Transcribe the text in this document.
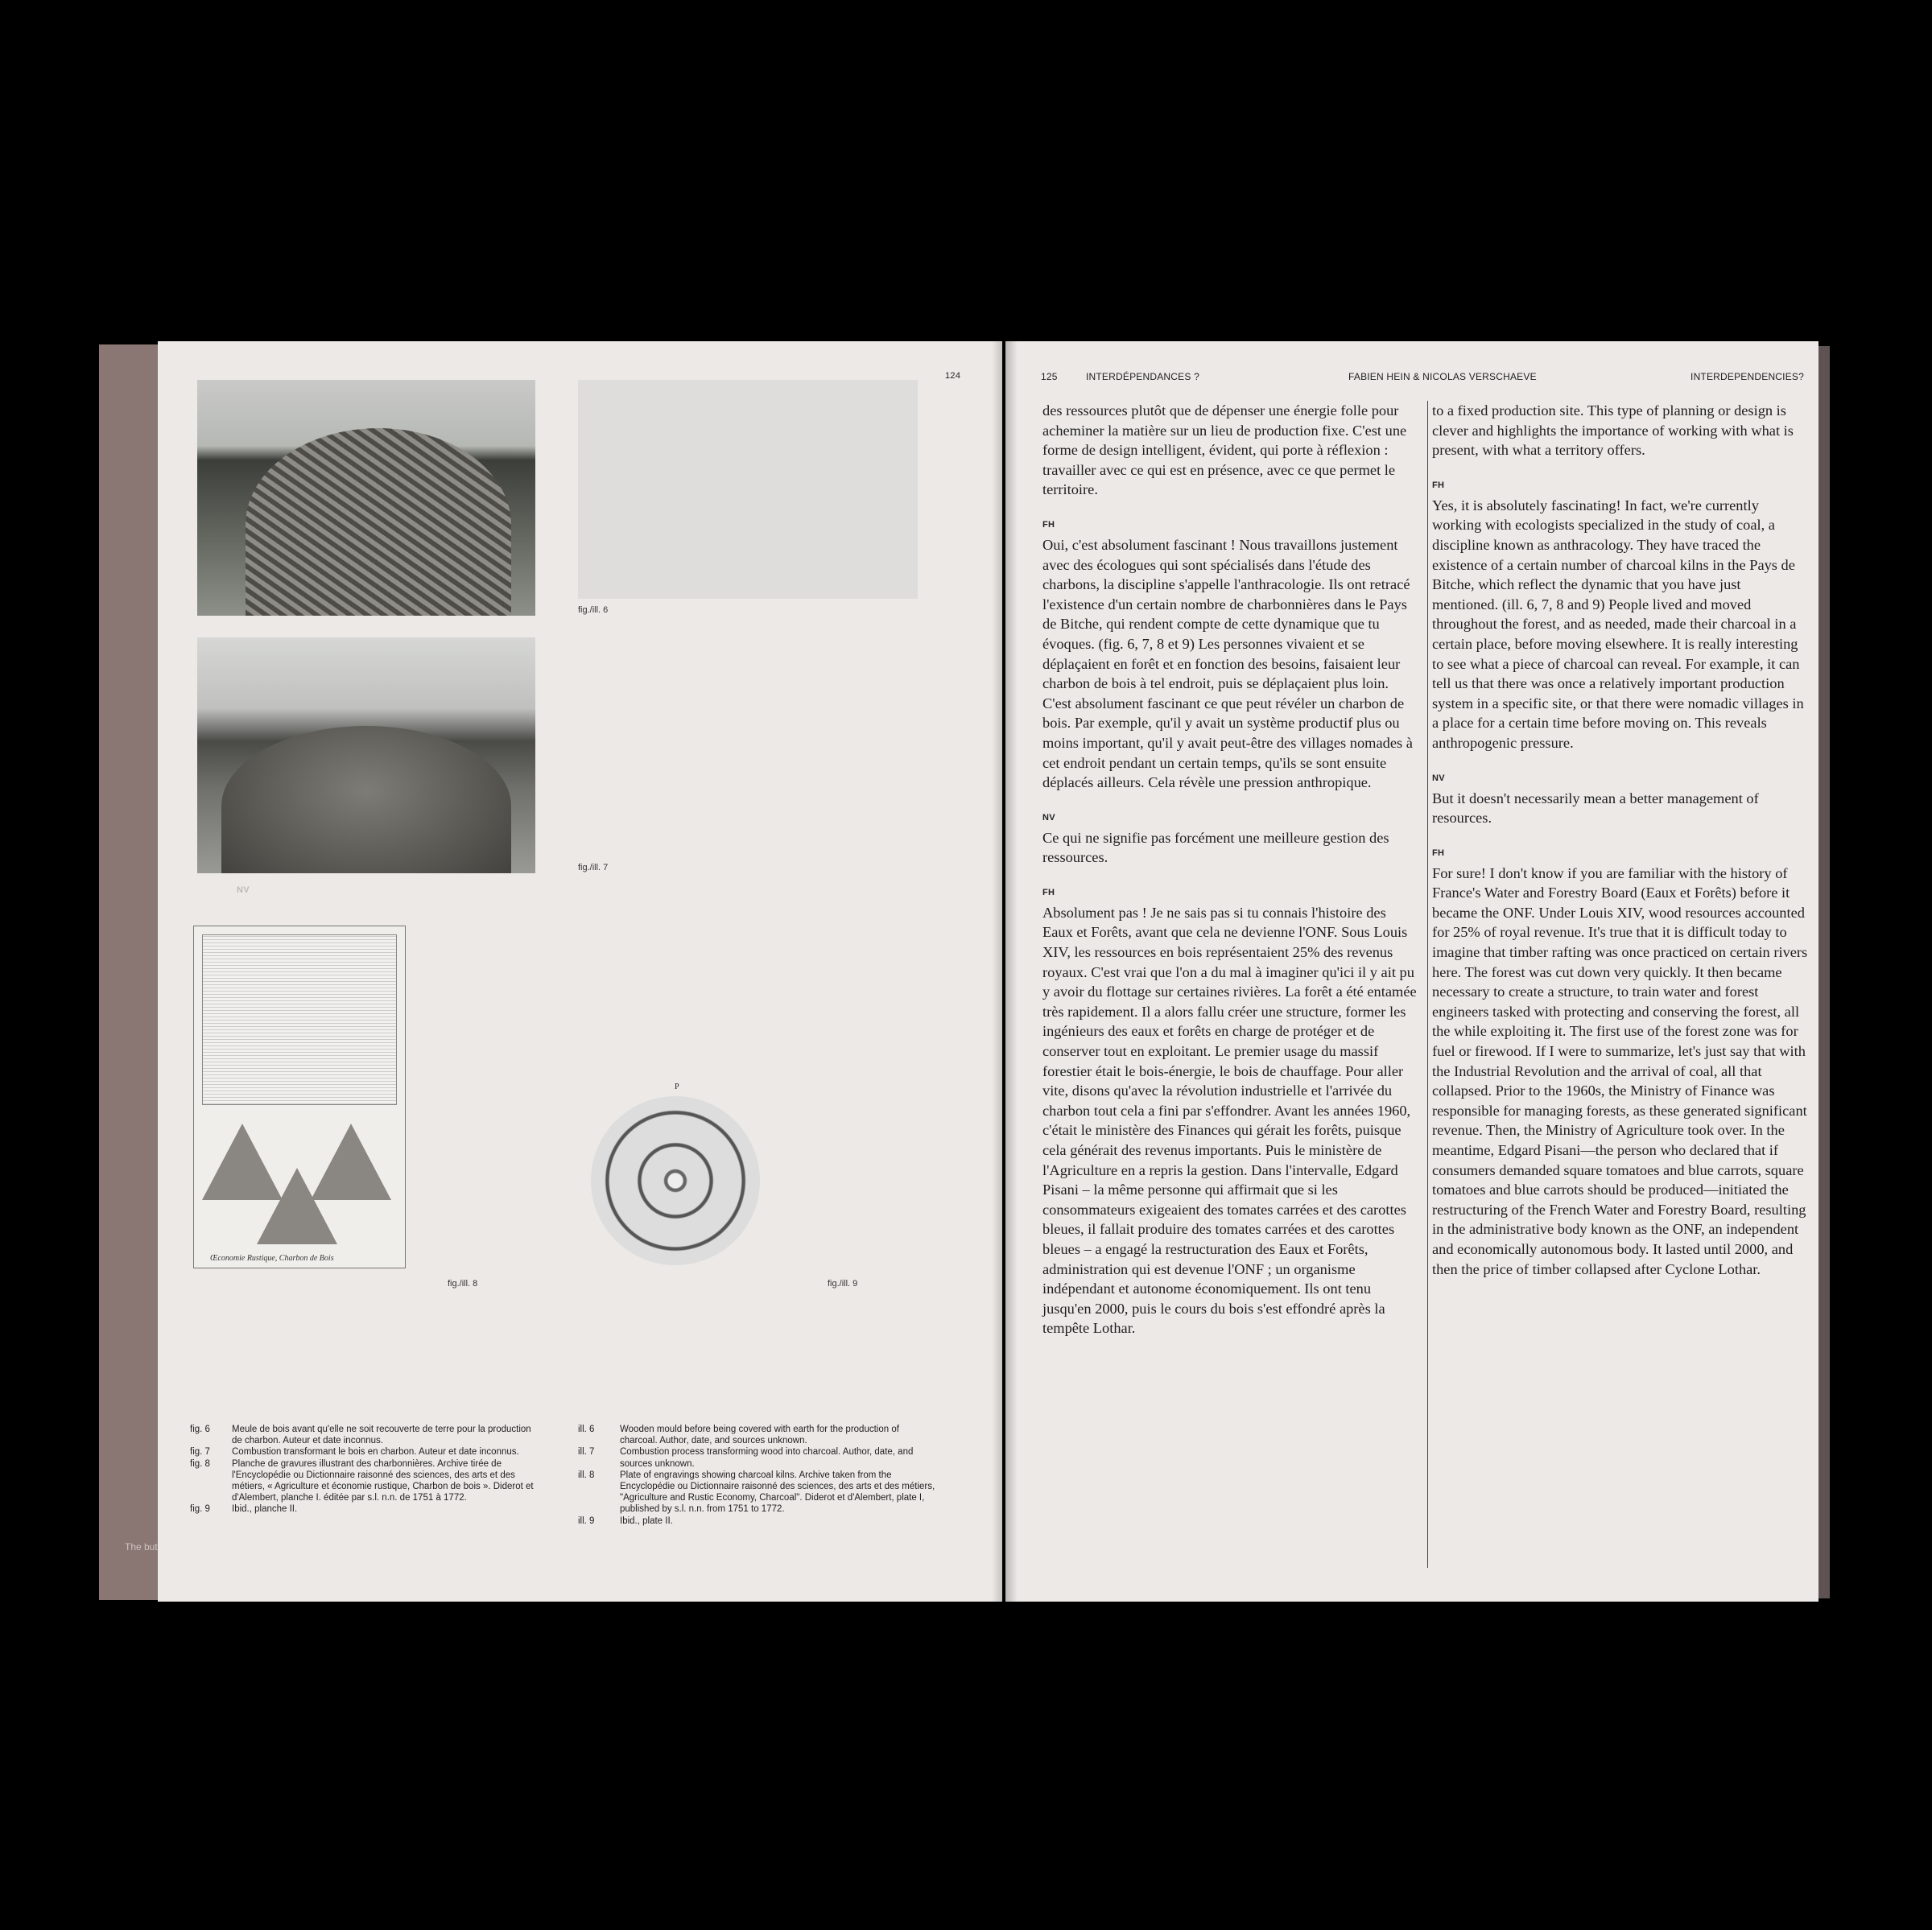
The but
124
fig./ill. 6
fig./ill. 7
NV
Œconomie Rustique, Charbon de Bois
P
fig./ill. 8	fig./ill. 9
fig. 6	Meule de bois avant qu'elle ne soit recouverte de terre pour la production de charbon. Auteur et date inconnus.
fig. 7	Combustion transformant le bois en charbon. Auteur et date inconnus.
fig. 8	Planche de gravures illustrant des charbonnières. Archive tirée de l'Encyclopédie ou Dictionnaire raisonné des sciences, des arts et des métiers, « Agriculture et économie rustique, Charbon de bois ». Diderot et d'Alembert, planche I. éditée par s.l. n.n. de 1751 à 1772.
fig. 9	Ibid., planche II.
ill. 6	Wooden mould before being covered with earth for the production of charcoal. Author, date, and sources unknown.
ill. 7	Combustion process transforming wood into charcoal. Author, date, and sources unknown.
ill. 8	Plate of engravings showing charcoal kilns. Archive taken from the Encyclopédie ou Dictionnaire raisonné des sciences, des arts et des métiers, "Agriculture and Rustic Economy, Charcoal". Diderot et d'Alembert, plate I, published by s.l. n.n. from 1751 to 1772.
ill. 9	Ibid., plate II.
125	INTERDÉPENDANCES ?	FABIEN HEIN & NICOLAS VERSCHAEVE	INTERDEPENDENCIES?

des ressources plutôt que de dépenser une énergie folle pour acheminer la matière sur un lieu de production fixe. C'est une forme de design intelligent, évident, qui porte à réflexion : travailler avec ce qui est en présence, avec ce que permet le territoire.

FH

Oui, c'est absolument fascinant ! Nous travaillons justement avec des écologues qui sont spécialisés dans l'étude des charbons, la discipline s'appelle l'anthracologie. Ils ont retracé l'existence d'un certain nombre de charbonnières dans le Pays de Bitche, qui rendent compte de cette dynamique que tu évoques. (fig. 6, 7, 8 et 9) Les personnes vivaient et se déplaçaient en forêt et en fonction des besoins, faisaient leur charbon de bois à tel endroit, puis se déplaçaient plus loin. C'est absolument fascinant ce que peut révéler un charbon de bois. Par exemple, qu'il y avait un système productif plus ou moins important, qu'il y avait peut-être des villages nomades à cet endroit pendant un certain temps, qu'ils se sont ensuite déplacés ailleurs. Cela révèle une pression anthropique.

NV

Ce qui ne signifie pas forcément une meilleure gestion des ressources.

FH

Absolument pas ! Je ne sais pas si tu connais l'histoire des Eaux et Forêts, avant que cela ne devienne l'ONF. Sous Louis XIV, les ressources en bois représentaient 25% des revenus royaux. C'est vrai que l'on a du mal à imaginer qu'ici il y ait pu y avoir du flottage sur certaines rivières. La forêt a été entamée très rapidement. Il a alors fallu créer une structure, former les ingénieurs des eaux et forêts en charge de protéger et de conserver tout en exploitant. Le premier usage du massif forestier était le bois-énergie, le bois de chauffage. Pour aller vite, disons qu'avec la révolution industrielle et l'arrivée du charbon tout cela a fini par s'effondrer. Avant les années 1960, c'était le ministère des Finances qui gérait les forêts, puisque cela générait des revenus importants. Puis le ministère de l'Agriculture en a repris la gestion. Dans l'intervalle, Edgard Pisani – la même personne qui affirmait que si les consommateurs exigeaient des tomates carrées et des carottes bleues, il fallait produire des tomates carrées et des carottes bleues – a engagé la restructuration des Eaux et Forêts, administration qui est devenue l'ONF ; un organisme indépendant et autonome économiquement. Ils ont tenu jusqu'en 2000, puis le cours du bois s'est effondré après la tempête Lothar.

to a fixed production site. This type of planning or design is clever and highlights the importance of working with what is present, with what a territory offers.

FH

Yes, it is absolutely fascinating! In fact, we're currently working with ecologists specialized in the study of coal, a discipline known as anthracology. They have traced the existence of a certain number of charcoal kilns in the Pays de Bitche, which reflect the dynamic that you have just mentioned. (ill. 6, 7, 8 and 9) People lived and moved throughout the forest, and as needed, made their charcoal in a certain place, before moving elsewhere. It is really interesting to see what a piece of charcoal can reveal. For example, it can tell us that there was once a relatively important production system in a specific site, or that there were nomadic villages in a place for a certain time before moving on. This reveals anthropogenic pressure.

NV

But it doesn't necessarily mean a better management of resources.

FH

For sure! I don't know if you are familiar with the history of France's Water and Forestry Board (Eaux et Forêts) before it became the ONF. Under Louis XIV, wood resources accounted for 25% of royal revenue. It's true that it is difficult today to imagine that timber rafting was once practiced on certain rivers here. The forest was cut down very quickly. It then became necessary to create a structure, to train water and forest engineers tasked with protecting and conserving the forest, all the while exploiting it. The first use of the forest zone was for fuel or firewood. If I were to summarize, let's just say that with the Industrial Revolution and the arrival of coal, all that collapsed. Prior to the 1960s, the Ministry of Finance was responsible for managing forests, as these generated significant revenue. Then, the Ministry of Agriculture took over. In the meantime, Edgard Pisani—the person who declared that if consumers demanded square tomatoes and blue carrots, square tomatoes and blue carrots should be produced—initiated the restructuring of the French Water and Forestry Board, resulting in the administrative body known as the ONF, an independent and economically autonomous body. It lasted until 2000, and then the price of timber collapsed after Cyclone Lothar.
